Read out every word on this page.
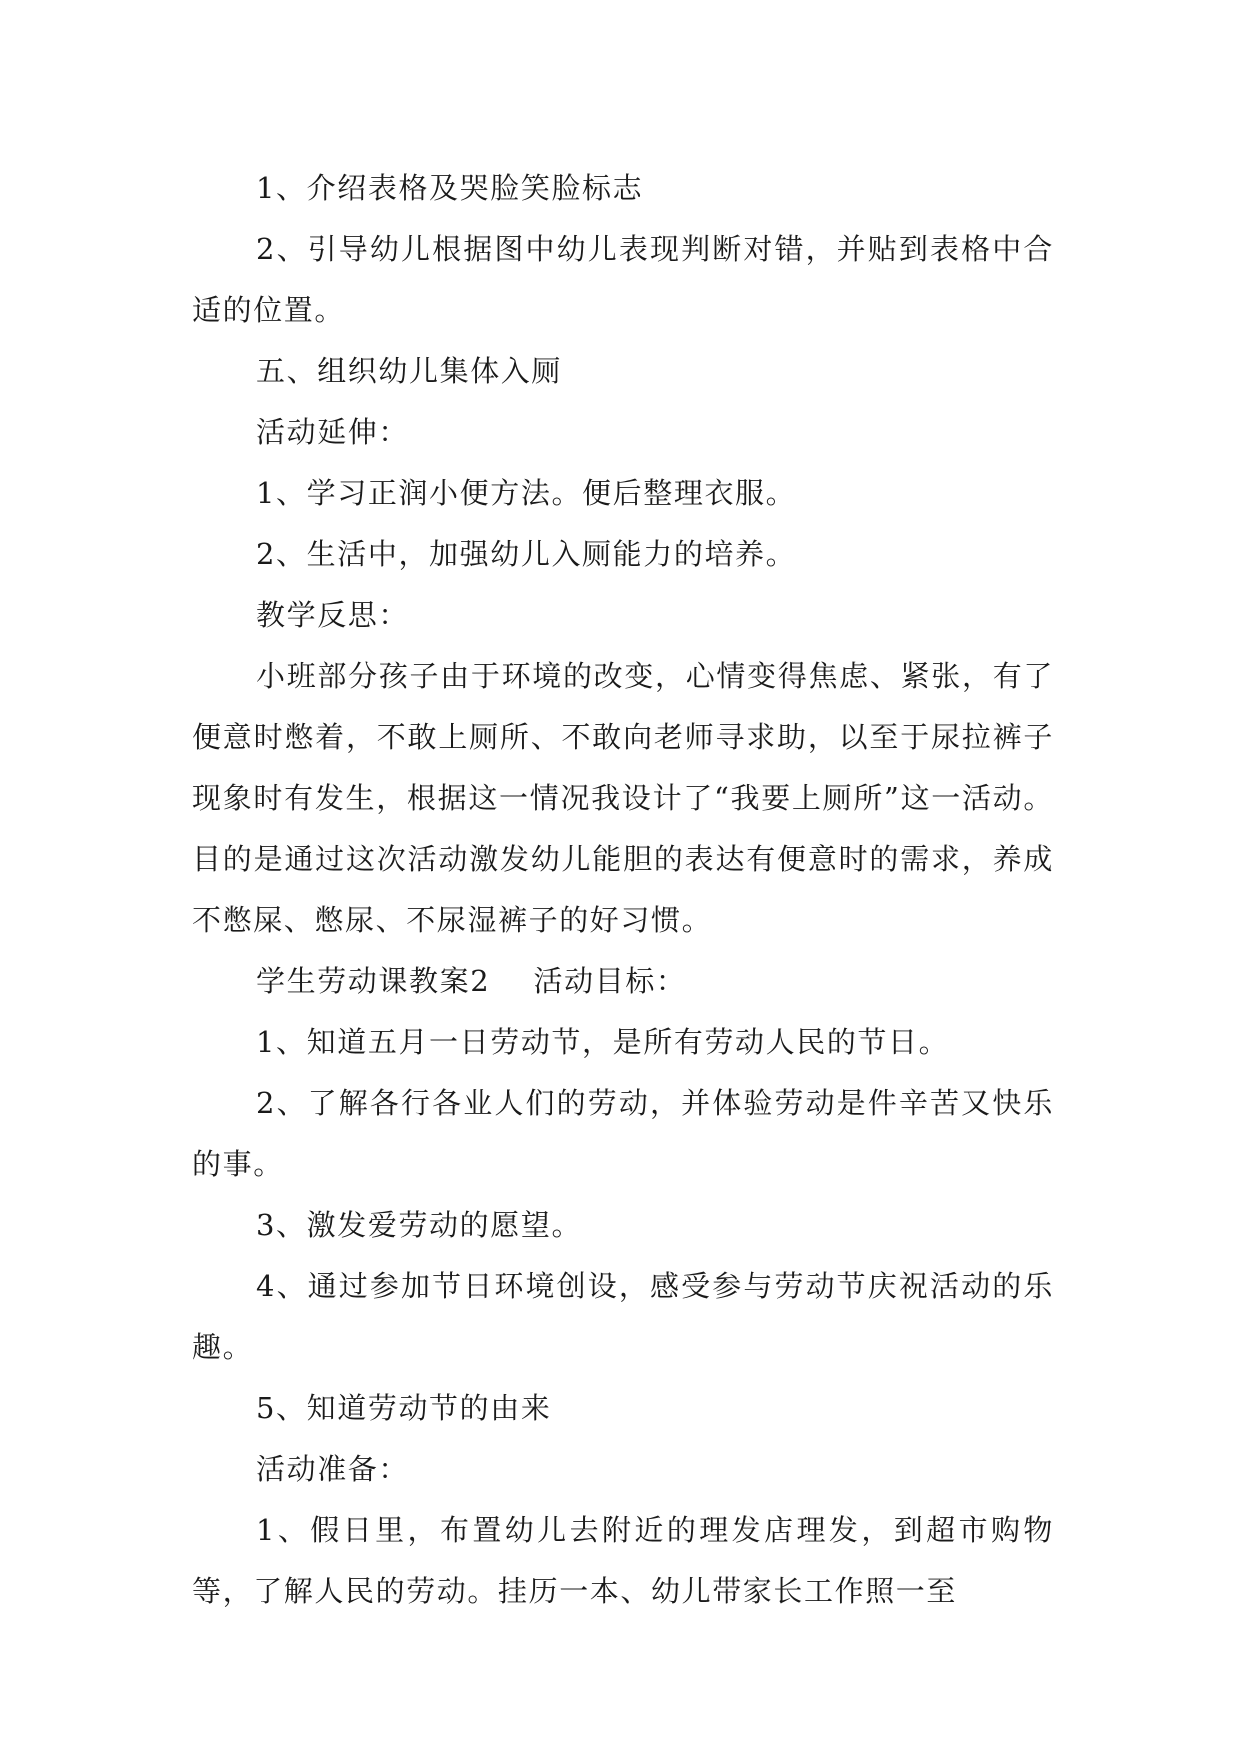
1、介绍表格及哭脸笑脸标志

2、引导幼儿根据图中幼儿表现判断对错，并贴到表格中合适的位置。

五、组织幼儿集体入厕

活动延伸：

1、学习正润小便方法。便后整理衣服。

2、生活中，加强幼儿入厕能力的培养。

教学反思：

小班部分孩子由于环境的改变，心情变得焦虑、紧张，有了便意时憋着，不敢上厕所、不敢向老师寻求助，以至于尿拉裤子现象时有发生，根据这一情况我设计了“我要上厕所”这一活动。目的是通过这次活动激发幼儿能胆的表达有便意时的需求，养成不憋屎、憋尿、不尿湿裤子的好习惯。

学生劳动课教案2    活动目标：

1、知道五月一日劳动节，是所有劳动人民的节日。

2、了解各行各业人们的劳动，并体验劳动是件辛苦又快乐的事。

3、激发爱劳动的愿望。

4、通过参加节日环境创设，感受参与劳动节庆祝活动的乐趣。

5、知道劳动节的由来

活动准备：

1、假日里，布置幼儿去附近的理发店理发，到超市购物等，了解人民的劳动。挂历一本、幼儿带家长工作照一至
